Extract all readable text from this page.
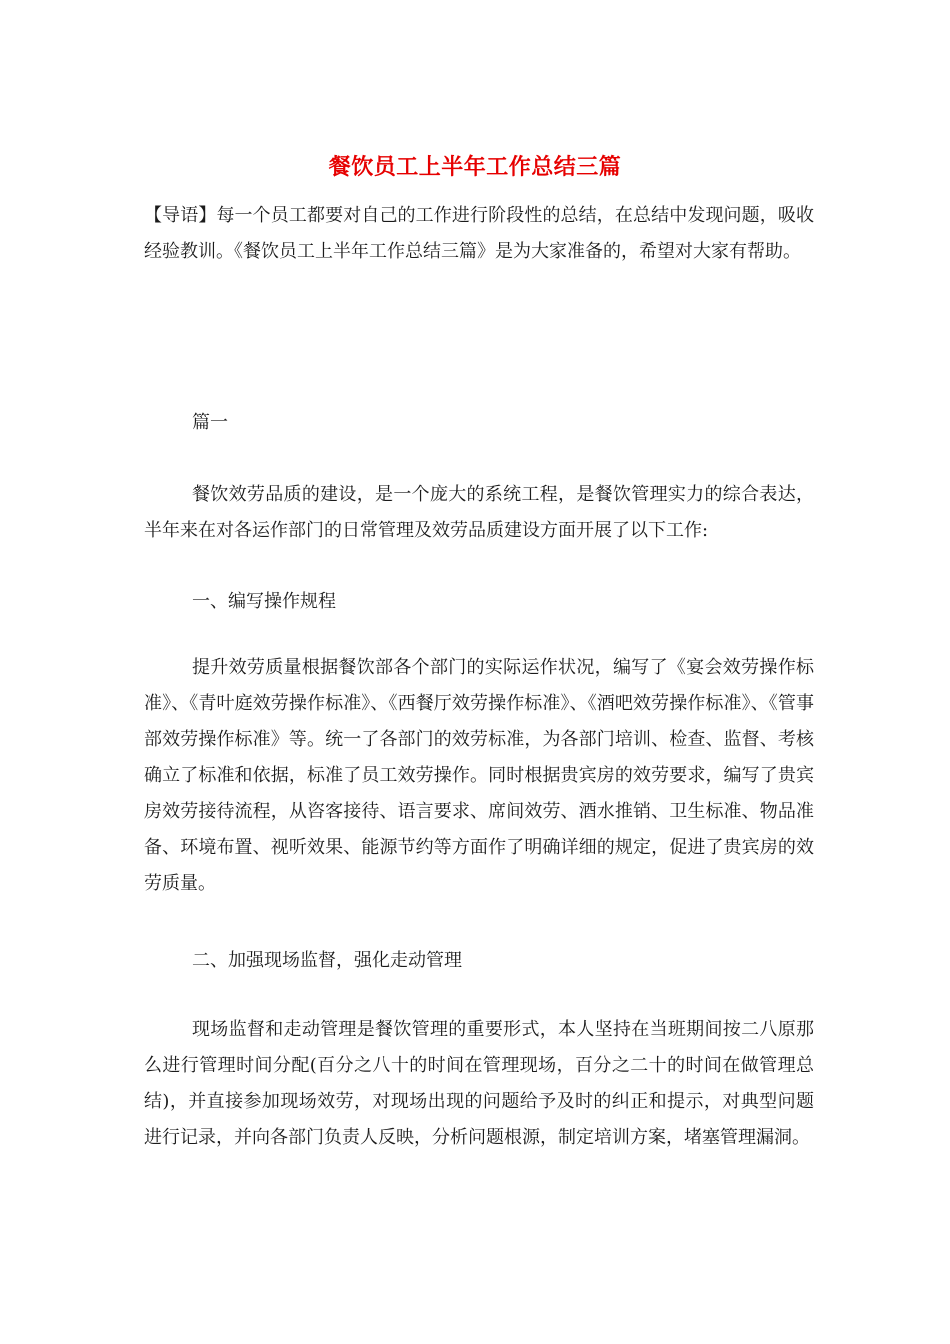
餐饮员工上半年工作总结三篇
【导语】每一个员工都要对自己的工作进行阶段性的总结，在总结中发现问题，吸收经验教训。《餐饮员工上半年工作总结三篇》是为大家准备的，希望对大家有帮助。
篇一
餐饮效劳品质的建设，是一个庞大的系统工程，是餐饮管理实力的综合表达，半年来在对各运作部门的日常管理及效劳品质建设方面开展了以下工作:
一、编写操作规程
提升效劳质量根据餐饮部各个部门的实际运作状况，编写了《宴会效劳操作标准》、《青叶庭效劳操作标准》、《西餐厅效劳操作标准》、《酒吧效劳操作标准》、《管事部效劳操作标准》等。统一了各部门的效劳标准，为各部门培训、检查、监督、考核确立了标准和依据，标准了员工效劳操作。同时根据贵宾房的效劳要求，编写了贵宾房效劳接待流程，从咨客接待、语言要求、席间效劳、酒水推销、卫生标准、物品准备、环境布置、视听效果、能源节约等方面作了明确详细的规定，促进了贵宾房的效劳质量。
二、加强现场监督，强化走动管理
现场监督和走动管理是餐饮管理的重要形式，本人坚持在当班期间按二八原那么进行管理时间分配(百分之八十的时间在管理现场，百分之二十的时间在做管理总结)，并直接参加现场效劳，对现场出现的问题给予及时的纠正和提示，对典型问题进行记录，并向各部门负责人反映，分析问题根源，制定培训方案，堵塞管理漏洞。
